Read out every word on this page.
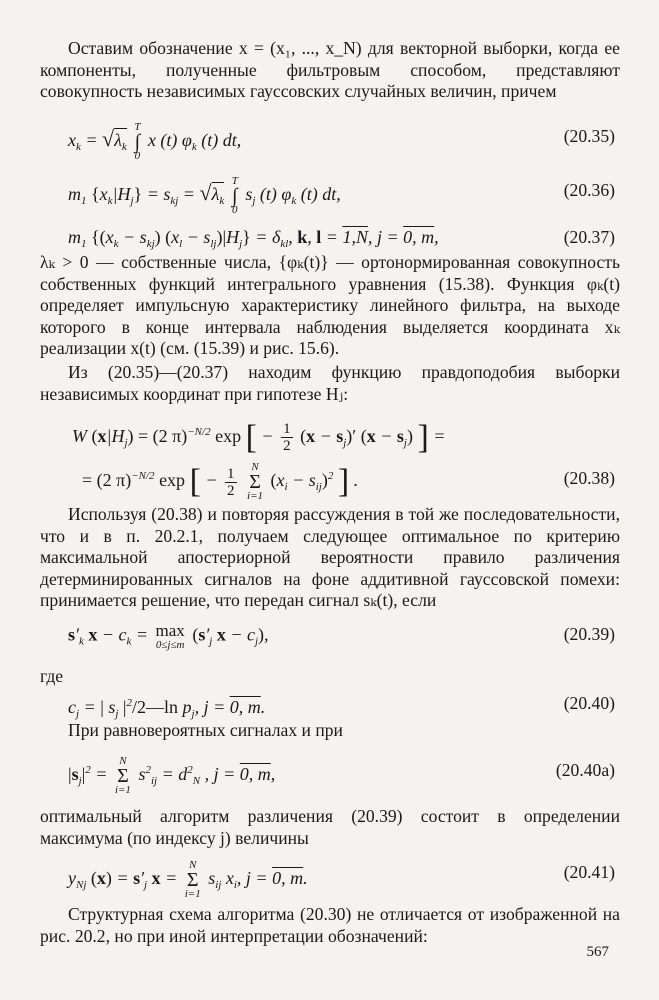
Оставим обозначение x = (x₁, ..., x_N) для векторной выборки, когда ее компоненты, полученные фильтровым способом, представляют совокупность независимых гауссовских случайных величин, причем

$x_k = √\lambda_k$
T
∫
0
x (t) $\varphi_k$ (t) dt,	(20.35)
$m_1$ $\{x_k|H_j\} = s_{kj} = √\lambda_k$
T
∫
0
$s_j$ (t) $\varphi_k$ (t) dt,	(20.36)
$m_1$ $\{(x_k - s_{kj}) (x_l - s_{lj})|H_j\} = \delta_{kl}$, k, l = 1,N, j = 0, m,	(20.37)

λₖ > 0 — собственные числа, {φₖ(t)} — ортонормированная совокупность собственных функций интегрального уравнения (15.38). Функция φₖ(t) определяет импульсную характеристику линейного фильтра, на выходе которого в конце интервала наблюдения выделяется координата xₖ реализации x(t) (см. (15.39) и рис. 15.6).

Из (20.35)—(20.37) находим функцию правдоподобия выборки независимых координат при гипотезе Hⱼ:

W $(x|H_j) = (2$ π)$^{-N/2}$ exp [ − $\frac{1}{2} (x - s_j)'$ $(x - s_j)$ ] =
= (2 π)$^{-N/2}$ exp [ − $\frac{1}{2}$
	N
Σ
i=1
$(x_i - s_{ij})^2$ ] .	(20.38)

Используя (20.38) и повторяя рассуждения в той же последовательности, что и в п. 20.2.1, получаем следующее оптимальное по критерию максимальной апостериорной вероятности правило различения детерминированных сигналов на фоне аддитивной гауссовской помехи: принимается решение, что передан сигнал sₖ(t), если

$s'_k$ $x - c_k = \max$
0≤j≤m
($s'_j$ $x - c_j$),	(20.39)
где
$c_j$ = | $s_j$ $|^2/2—\ln$ $p_j$, j = 0, m.	(20.40)

При равновероятных сигналах и при

$|s_j|^2$ =
N
Σ
i=1
$s^2_{ij} = d^2_N$ , j = 0, m,	(20.40а)

оптимальный алгоритм различения (20.39) состоит в определении максимума (по индексу j) величины

$y_{Nj}$ $(x) = s'_j$ x =
N
Σ
i=1
$s_{ij}$ $x_i$, j = 0, m.	(20.41)

Структурная схема алгоритма (20.30) не отличается от изображенной на рис. 20.2, но при иной интерпретации обозначений:

567
